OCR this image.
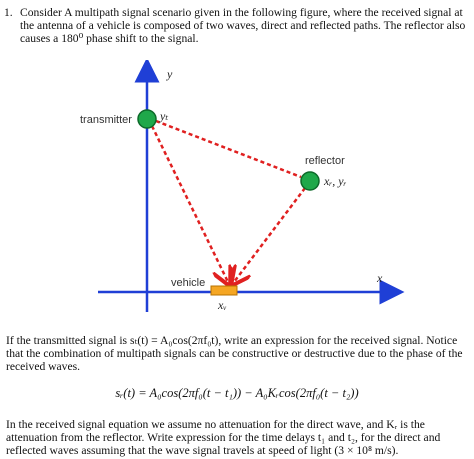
1. Consider A multipath signal scenario given in the following figure, where the received signal at the antenna of a vehicle is composed of two waves, direct and reflected paths. The reflector also causes a 180⁰ phase shift to the signal.
y
x
transmitter yₜ
reflector
xᵣ, yᵣ
vehicle
xᵥ
If the transmitted signal is sₜ(t) = A₀cos(2πf₀t), write an expression for the received signal. Notice that the combination of multipath signals can be constructive or destructive due to the phase of the received waves.
sᵣ(t) = A₀cos(2πf₀(t − t₁)) − A₀Kᵣcos(2πf₀(t − t₂))
In the received signal equation we assume no attenuation for the direct wave, and Kᵣ is the attenuation from the reflector. Write expression for the time delays t₁ and t₂, for the direct and reflected waves assuming that the wave signal travels at speed of light (3 × 10⁸ m/s).
